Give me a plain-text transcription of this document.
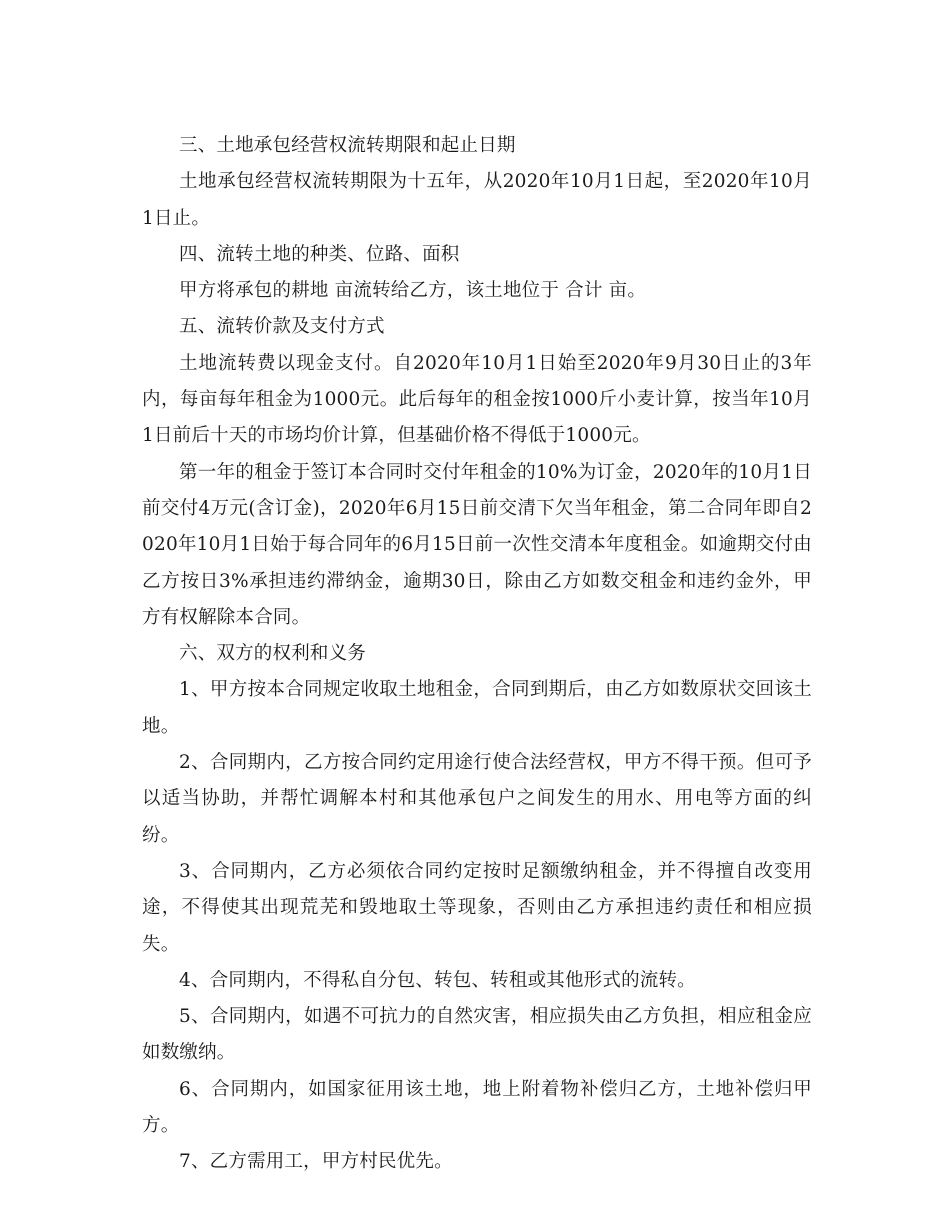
三、土地承包经营权流转期限和起止日期

土地承包经营权流转期限为十五年，从2020年10月1日起，至2020年10月1日止。

四、流转土地的种类、位路、面积

甲方将承包的耕地 亩流转给乙方，该土地位于 合计 亩。

五、流转价款及支付方式

土地流转费以现金支付。自2020年10月1日始至2020年9月30日止的3年内，每亩每年租金为1000元。此后每年的租金按1000斤小麦计算，按当年10月1日前后十天的市场均价计算，但基础价格不得低于1000元。

第一年的租金于签订本合同时交付年租金的10%为订金，2020年的10月1日前交付4万元(含订金)，2020年6月15日前交清下欠当年租金，第二合同年即自2020年10月1日始于每合同年的6月15日前一次性交清本年度租金。如逾期交付由乙方按日3%承担违约滞纳金，逾期30日，除由乙方如数交租金和违约金外，甲方有权解除本合同。

六、双方的权利和义务

1、甲方按本合同规定收取土地租金，合同到期后，由乙方如数原状交回该土地。

2、合同期内，乙方按合同约定用途行使合法经营权，甲方不得干预。但可予以适当协助，并帮忙调解本村和其他承包户之间发生的用水、用电等方面的纠纷。

3、合同期内，乙方必须依合同约定按时足额缴纳租金，并不得擅自改变用途，不得使其出现荒芜和毁地取土等现象，否则由乙方承担违约责任和相应损失。

4、合同期内，不得私自分包、转包、转租或其他形式的流转。

5、合同期内，如遇不可抗力的自然灾害，相应损失由乙方负担，相应租金应如数缴纳。

6、合同期内，如国家征用该土地，地上附着物补偿归乙方，土地补偿归甲方。

7、乙方需用工，甲方村民优先。
